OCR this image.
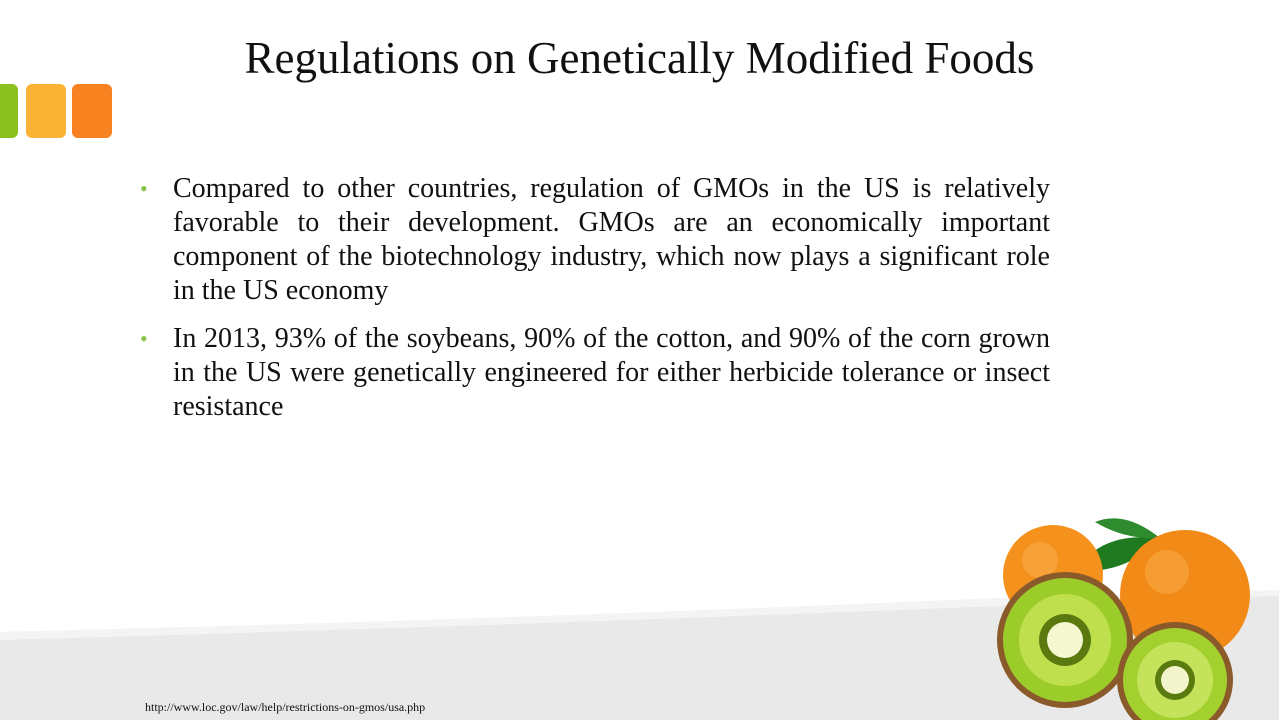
Regulations on Genetically Modified Foods
• Compared to other countries, regulation of GMOs in the US is relatively favorable to their development. GMOs are an economically important component of the biotechnology industry, which now plays a significant role in the US economy
• In 2013, 93% of the soybeans, 90% of the cotton, and 90% of the corn grown in the US were genetically engineered for either herbicide tolerance or insect resistance
http://www.loc.gov/law/help/restrictions-on-gmos/usa.php
